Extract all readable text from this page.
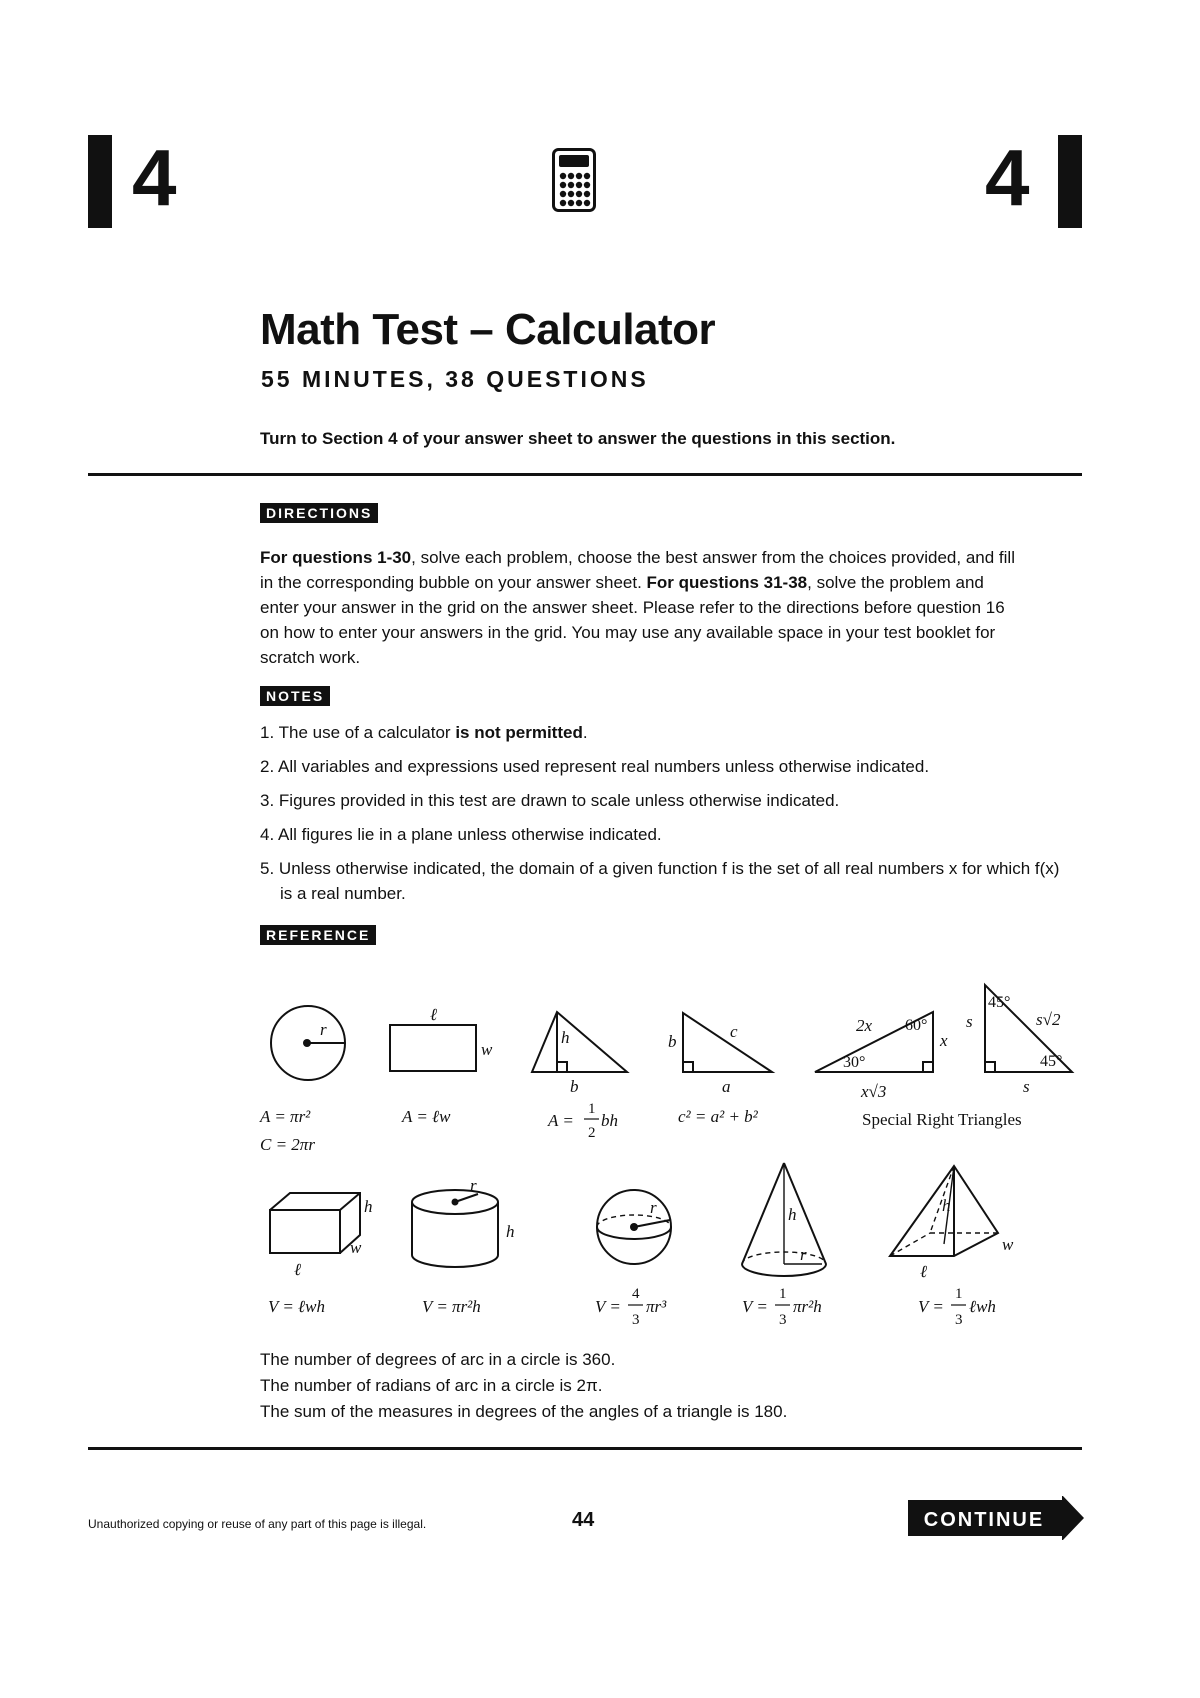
4	4
Math Test – Calculator
55 MINUTES, 38 QUESTIONS
Turn to Section 4 of your answer sheet to answer the questions in this section.
DIRECTIONS
For questions 1-30, solve each problem, choose the best answer from the choices provided, and fill in the corresponding bubble on your answer sheet. For questions 31-38, solve the problem and enter your answer in the grid on the answer sheet. Please refer to the directions before question 16 on how to enter your answers in the grid. You may use any available space in your test booklet for scratch work.
NOTES
1. The use of a calculator is not permitted.
2. All variables and expressions used represent real numbers unless otherwise indicated.
3. Figures provided in this test are drawn to scale unless otherwise indicated.
4. All figures lie in a plane unless otherwise indicated.
5. Unless otherwise indicated, the domain of a given function f is the set of all real numbers x for which f(x) is a real number.
REFERENCE
r
ℓ
w
h
b
b
c
a
2x
x
x√3
s	s√2
s
60°
30°
45°
45°
A = πr²
C = 2πr
A = ℓw	A =
1
2
bh	c² = a² + b²	Special Right Triangles
h
w
ℓ
r
h
r	h
r
h
w
ℓ
V = ℓwh	V = πr²h	V =
4
3
πr³	V =
1
3
πr²h	V =
1
3
ℓwh
The number of degrees of arc in a circle is 360.
The number of radians of arc in a circle is 2π.
The sum of the measures in degrees of the angles of a triangle is 180.
Unauthorized copying or reuse of any part of this page is illegal.	44	CONTINUE
